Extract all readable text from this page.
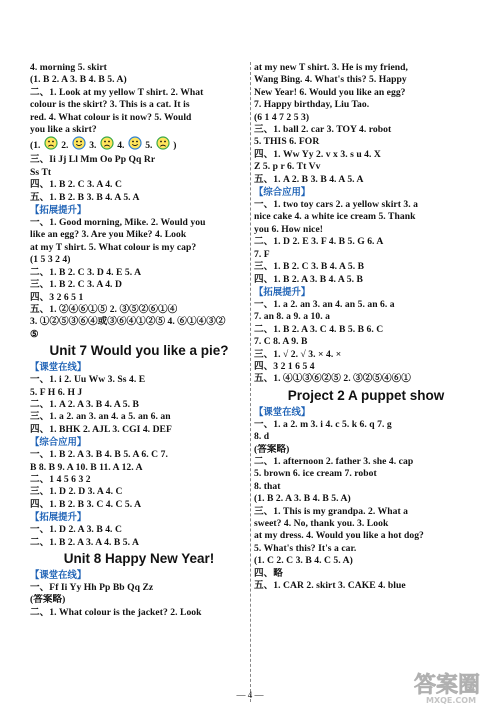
4. morning 5. skirt
(1. B 2. A 3. B 4. B 5. A)
二、1. Look at my yellow T shirt. 2. What
colour is the skirt? 3. This is a cat. It is
red. 4. What colour is it now? 5. Would
you like a skirt?
(1. 2. 3. 4. 5. )
三、Ii Jj Ll Mm Oo Pp Qq Rr
Ss Tt
四、1. B 2. C 3. A 4. C
五、1. B 2. B 3. B 4. A 5. A
【拓展提升】
一、1. Good morning, Mike. 2. Would you
like an egg? 3. Are you Mike? 4. Look
at my T shirt. 5. What colour is my cap?
(1 5 3 2 4)
二、1. B 2. C 3. D 4. E 5. A
三、1. B 2. C 3. A 4. D
四、3 2 6 5 1
五、1. ②④⑥①⑤ 2. ③⑤②⑥①④
3. ①②⑤③⑥④或③⑥④①②⑤ 4. ⑥①④③②
⑤
Unit 7 Would you like a pie?
【课堂在线】
一、1. i 2. Uu Ww 3. Ss 4. E
5. F H 6. H J
二、1. A 2. A 3. B 4. A 5. B
三、1. a 2. an 3. an 4. a 5. an 6. an
四、1. BHK 2. AJL 3. CGI 4. DEF
【综合应用】
一、1. B 2. A 3. B 4. B 5. A 6. C 7.
B 8. B 9. A 10. B 11. A 12. A
二、1 4 5 6 3 2
三、1. D 2. D 3. A 4. C
四、1. B 2. B 3. C 4. C 5. A
【拓展提升】
一、1. D 2. A 3. B 4. C
二、1. B 2. A 3. A 4. B 5. A
Unit 8 Happy New Year!
【课堂在线】
一、Ff Ii Yy Hh Pp Bb Qq Zz
(答案略)
二、1. What colour is the jacket? 2. Look
at my new T shirt. 3. He is my friend,
Wang Bing. 4. What's this? 5. Happy
New Year! 6. Would you like an egg?
7. Happy birthday, Liu Tao.
(6 1 4 7 2 5 3)
三、1. ball 2. car 3. TOY 4. robot
5. THIS 6. FOR
四、1. Ww Yy 2. v x 3. s u 4. X
Z 5. p r 6. Tt Vv
五、1. A 2. B 3. B 4. A 5. A
【综合应用】
一、1. two toy cars 2. a yellow skirt 3. a
nice cake 4. a white ice cream 5. Thank
you 6. How nice!
二、1. D 2. E 3. F 4. B 5. G 6. A
7. F
三、1. B 2. C 3. B 4. A 5. B
四、1. B 2. A 3. B 4. A 5. B
【拓展提升】
一、1. a 2. an 3. an 4. an 5. an 6. a
7. an 8. a 9. a 10. a
二、1. B 2. A 3. C 4. B 5. B 6. C
7. C 8. A 9. B
三、1. √ 2. √ 3. × 4. ×
四、3 2 1 6 5 4
五、1. ④①③⑥②⑤ 2. ③②⑤④⑥①
Project 2 A puppet show
【课堂在线】
一、1. a 2. m 3. i 4. c 5. k 6. q 7. g
8. d
(答案略)
二、1. afternoon 2. father 3. she 4. cap
5. brown 6. ice cream 7. robot
8. that
(1. B 2. A 3. B 4. B 5. A)
三、1. This is my grandpa. 2. What a
sweet? 4. No, thank you. 3. Look
at my dress. 4. Would you like a hot dog?
5. What's this? It's a car.
(1. C 2. C 3. B 4. C 5. A)
四、略
五、1. CAR 2. skirt 3. CAKE 4. blue
— 4 —	答案圈
MXQE.COM
